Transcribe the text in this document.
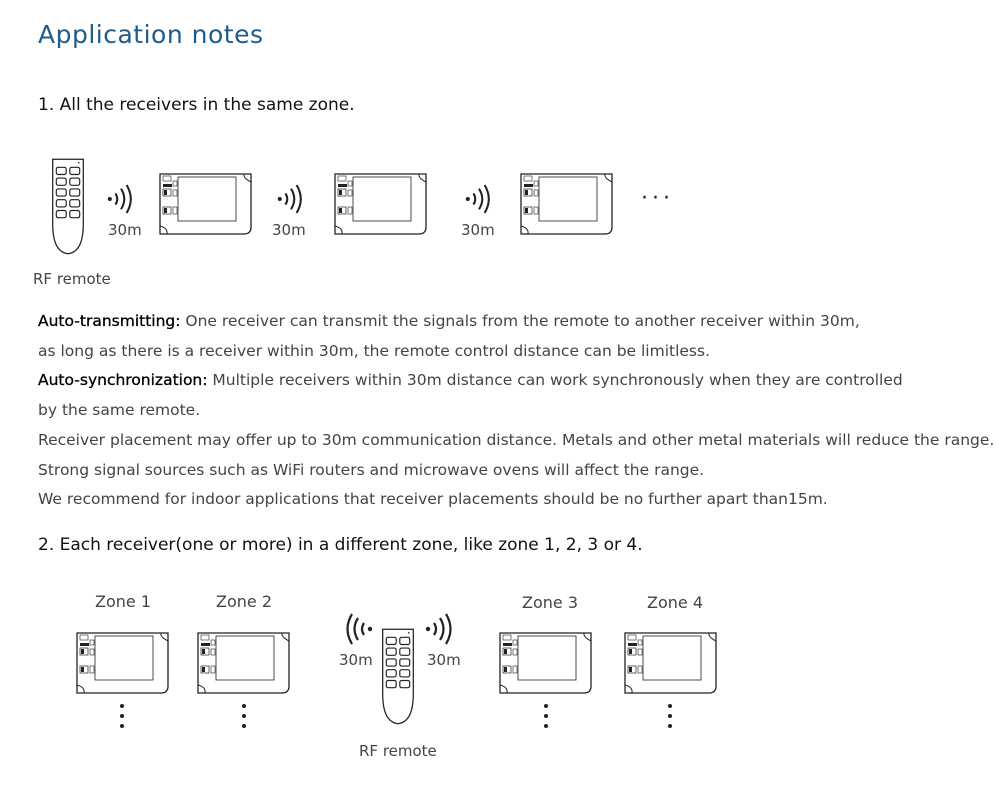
Application notes
1. All the receivers in the same zone.
RF remote
30m	30m	30m
···
Auto-transmitting: One receiver can transmit the signals from the remote to another receiver within 30m,
as long as there is a receiver within 30m, the remote control distance can be limitless.
Auto-synchronization: Multiple receivers within 30m distance can work synchronously when they are controlled
by the same remote.
Receiver placement may offer up to 30m communication distance. Metals and other metal materials will reduce the range.
Strong signal sources such as WiFi routers and microwave ovens will affect the range.
We recommend for indoor applications that receiver placements should be no further apart than15m.
2. Each receiver(one or more) in a different zone, like zone 1, 2, 3 or 4.
Zone 1	Zone 2
30m	30m
RF remote
Zone 3	Zone 4
